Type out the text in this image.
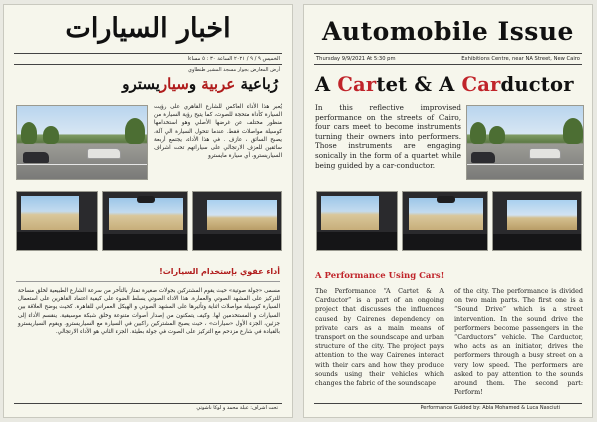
اخبار السيارات
الخميس ٩ / ٩ / ٢٠٢١ الساعة ٣٠ : ٥ مساءا
أرض المعارض بجوار مسجد المشير طنطاوي
رُباعية عربية وسياريسترو
يُعبر هذا الأداء العاكس للشارع القاهري على رؤيت السيارة كأداة متحجة للصوت، كما يتيح رؤية السيارة من منظور مختلف عن غرضها الأصلي وهو استخدامها كوسيلة مواصلات فقط. عندما تتحول السيارة الي آلة، يصبح السائق ، عازف . في هذا الأداء، يجتمع أربعة سائقين للعزف الارتجالي على سياراتهم تحت اشراف السياريسترو، أي سيارة مايسترو
أداء عفوي بإستخدام السيارات!
مسمى «جولة صوتية» حيث يقوم المشتركين بجولات صغيرة تمتاز بالتأخر من سرعة الشارع الطبيعية لخلق مساحة للتركيز على المشهد الصوتي والعمارة. هذا الاداء الصوتي يسلط الضوء على كيفية اعتماد القاهرين على استعمال السيارة كوسيلة مواصلات اثناية وتأثيرها على المشهد الصوتي و الهيكل العمراني للقاهرة. كحيث يوضح العلاقة بين السيارات و المستخدمين لها. وكيف يتمكنون من إصدار أصوات متنوعة وخلق شبكة موسيقية. ينقسم الأداء إلى جزئين، الجزء الأول «سيارات» ، حيث يصبح المشتركين راكبين في السيارة مع السياريسترو. ويقوم السياريسترو بالقيادة في شارع مزدحم مع التركيز على الصوت في جولة بطيئة. الجزء الثاني هو الأداء الارتجالي.
تحت اشراف: عبلة محمد و لوكا ناشوتي
Automobile Issue
Thursday 9/9/2021 At 5:30 pm	Exhibitions Centre, near NA Street, New Cairo
A Cartet & A Carductor
In this reflective improvised performance on the streets of Cairo, four cars meet to become instruments turning their owners into performers. Those instruments are engaging sonically in the form of a quartet while being guided by a car-conductor.
A Performance Using Cars!
The Performance “A Cartet & A Carductor” is a part of an ongoing project that discusses the influences caused by Cairenes dependency on private cars as a main means of transport on the soundscape and urban structure of the city. The project pays attention to the way Cairenes interact with their cars and how they produce sounds using their vehicles which changes the fabric of the soundscape
of the city. The performance is divided on two main parts. The first one is a “Sound Drive” which is a street intervention. In the sound drive the performers become passengers in the “Carductors” vehicle. The Carductor, who acts as an initiator, drives the performers through a busy street on a very low speed. The performers are asked to pay attention to the sounds around them. The second part: Perform!
Performance Guided by: Abla Mohamed & Luca Nasciuti
